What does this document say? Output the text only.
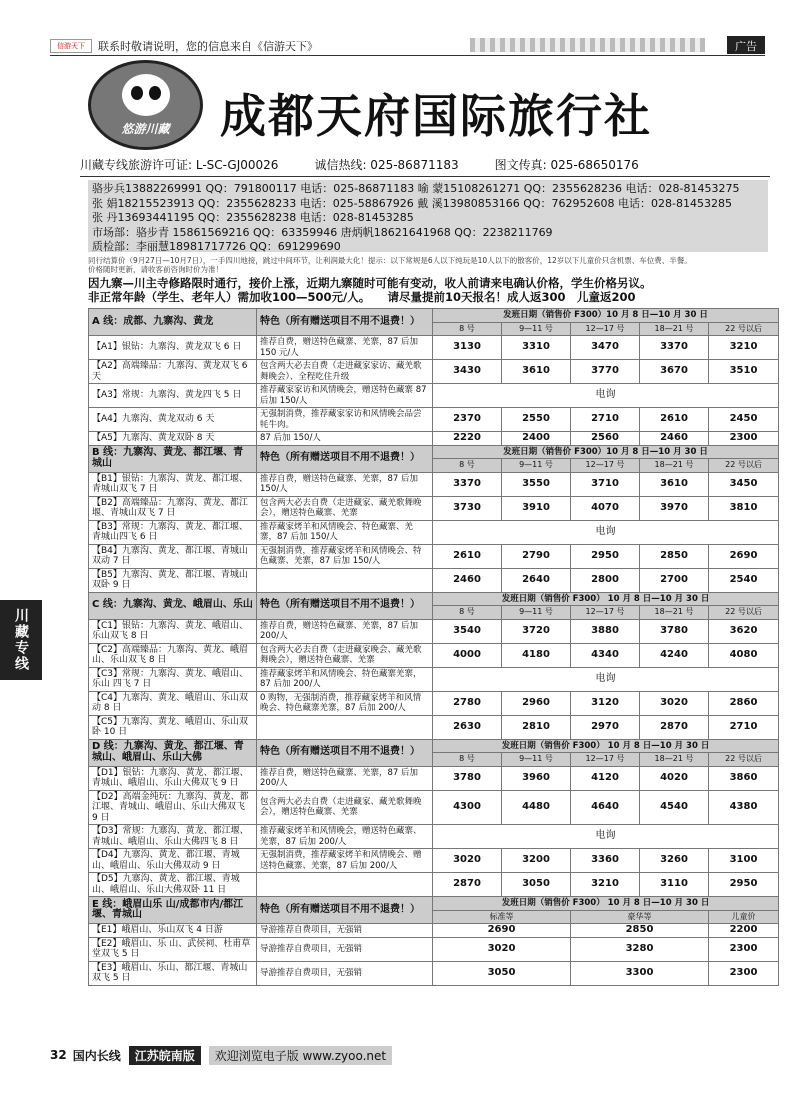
信游天下	联系时敬请说明，您的信息来自《信游天下》	广告
悠游川藏 成都天府国际旅行社
川藏专线旅游许可证: L-SC-GJ00026	诚信热线: 025-86871183	图文传真: 025-68650176
骆步兵13882269991 QQ：791800117 电话：025-86871183 喻 蒙15108261271 QQ：2355628236 电话：028-81453275
张 娟18215523913 QQ：2355628233 电话：025-58867926 戴 溪13980853166 QQ：762952608 电话：028-81453285
张 丹13693441195 QQ：2355628238 电话：028-81453285
市场部：骆步青 15861569216 QQ：63359946 唐炳帆18621641968 QQ：2238211769
质检部：李丽慧18981717726 QQ：691299690
同行结算价（9月27日—10月7日），一手四川地接，跳过中间环节，让利润最大化！提示：以下常规是6人以下纯玩是10人以下的散客价，12岁以下儿童价只含机票、车位费、半餐。
价格随时更新，请收客前咨询时价为准！
因九寨—川主寺修路限时通行，接价上涨，近期九寨随时可能有变动，收人前请来电确认价格，学生价格另议。
非正常年龄（学生、老年人）需加收100—500元/人。　　请尽量提前10天报名！成人返300　儿童返200
川藏专线
A 线：成都、九寨沟、黄龙	特色（所有赠送项目不用不退费！）	发班日期（销售价 F300）10 月 8 日—10 月 30 日				
		8 号	9—11 号	12—17 号	18—21 号	22 号以后
【A1】银钻：九寨沟、黄龙双飞 6 日	推荐自费，赠送特色藏寨、羌寨，87 后加 150 元/人	3130	3310	3470	3370	3210
【A2】高端臻品：九寨沟、黄龙双飞 6 天	包含两大必去自费（走进藏家家访、藏羌歌舞晚会）、全程吃住升级	3430	3610	3770	3670	3510
【A3】常规：九寨沟、黄龙四飞 5 日	推荐藏家家访和风情晚会，赠送特色藏寨 87 后加 150/人	电询				
【A4】九寨沟、黄龙双动 6 天	无强制消费，推荐藏家家访和风情晚会品尝牦牛肉。	2370	2550	2710	2610	2450
【A5】九寨沟、黄龙双卧 8 天	87 后加 150/人	2220	2400	2560	2460	2300
B 线：九寨沟、黄龙、都江堰、青城山	特色（所有赠送项目不用不退费！）	发班日期（销售价 F300）10 月 8 日—10 月 30 日				
		8 号	9—11 号	12—17 号	18—21 号	22 号以后
【B1】银钻：九寨沟、黄龙、都江堰、青城山双飞 7 日	推荐自费，赠送特色藏寨、羌寨，87 后加 150/人	3370	3550	3710	3610	3450
【B2】高端臻品：九寨沟、黄龙、都江堰、青城山双飞 7 日	包含两大必去自费（走进藏家、藏羌歌舞晚会），赠送特色藏寨、羌寨	3730	3910	4070	3970	3810
【B3】常规：九寨沟、黄龙、都江堰、青城山四飞 6 日	推荐藏家烤羊和风情晚会、特色藏寨、羌寨，87 后加 150/人	电询				
【B4】九寨沟、黄龙、都江堰、青城山双动 7 日	无强制消费，推荐藏家烤羊和风情晚会、特色藏寨、羌寨，87 后加 150/人	2610	2790	2950	2850	2690
【B5】九寨沟、黄龙、都江堰、青城山双卧 9 日		2460	2640	2800	2700	2540
C 线：九寨沟、黄龙、峨眉山、乐山	特色（所有赠送项目不用不退费！）	发班日期（销售价 F300） 10 月 8 日—10 月 30 日				
		8 号	9—11 号	12—17 号	18—21 号	22 号以后
【C1】银钻：九寨沟、黄龙、峨眉山、乐山双飞 8 日	推荐自费，赠送特色藏寨、羌寨，87 后加 200/人	3540	3720	3880	3780	3620
【C2】高端臻品：九寨沟、黄龙、峨眉山、乐山双飞 8 日	包含两大必去自费（走进藏家晚会、藏羌歌舞晚会），赠送特色藏寨、羌寨	4000	4180	4340	4240	4080
【C3】常规：九寨沟、黄龙、峨眉山、乐山 四飞 7 日	推荐藏家烤羊和风情晚会、特色藏寨羌寨，87 后加 200/人	电询				
【C4】九寨沟、黄龙、峨眉山、乐山双动 8 日	0 购物，无强制消费，推荐藏家烤羊和风情晚会、特色藏寨羌寨，87 后加 200/人	2780	2960	3120	3020	2860
【C5】九寨沟、黄龙、峨眉山、乐山双卧 10 日		2630	2810	2970	2870	2710
D 线：九寨沟、黄龙、都江堰、青城山、峨眉山、乐山大佛	特色（所有赠送项目不用不退费！）	发班日期（销售价 F300） 10 月 8 日—10 月 30 日				
		8 号	9—11 号	12—17 号	18—21 号	22 号以后
【D1】银钻：九寨沟、黄龙、都江堰、青城山、峨眉山、乐山大佛双飞 9 日	推荐自费，赠送特色藏寨、羌寨，87 后加 200/人	3780	3960	4120	4020	3860
【D2】高端金纯玩：九寨沟、黄龙、都江堰、青城山、峨眉山、乐山大佛双飞 9 日	包含两大必去自费（走进藏家、藏羌歌舞晚会），赠送特色藏寨、羌寨	4300	4480	4640	4540	4380
【D3】常规：九寨沟、黄龙、都江堰、青城山、峨眉山、乐山大佛四飞 8 日	推荐藏家烤羊和风情晚会，赠送特色藏寨、羌寨，87 后加 200/人	电询				
【D4】九寨沟、黄龙、都江堰、青城山、峨眉山、乐山大佛双动 9 日	无强制消费，推荐藏家烤羊和风情晚会、赠送特色藏寨、羌寨，87 后加 200/人	3020	3200	3360	3260	3100
【D5】九寨沟、黄龙、都江堰、青城山、峨眉山、乐山大佛双卧 11 日		2870	3050	3210	3110	2950
E 线：峨眉山乐 山/成都市内/都江堰、青城山	特色（所有赠送项目不用不退费！）	发班日期（销售价 F300） 10 月 8 日—10 月 30 日				
		标准等		豪华等		儿童价
【E1】峨眉山、乐山双飞 4 日游	导游推荐自费项目，无强销	2690		2850		2200
【E2】峨眉山、乐 山、武侯祠、杜甫草堂双飞 5 日	导游推荐自费项目，无强销	3020		3280		2300
【E3】峨眉山、乐山、都江堰、青城山双飞 5 日	导游推荐自费项目，无强销	3050		3300		2300
32 国内长线	江苏皖南版	欢迎浏览电子版 www.zyoo.net
